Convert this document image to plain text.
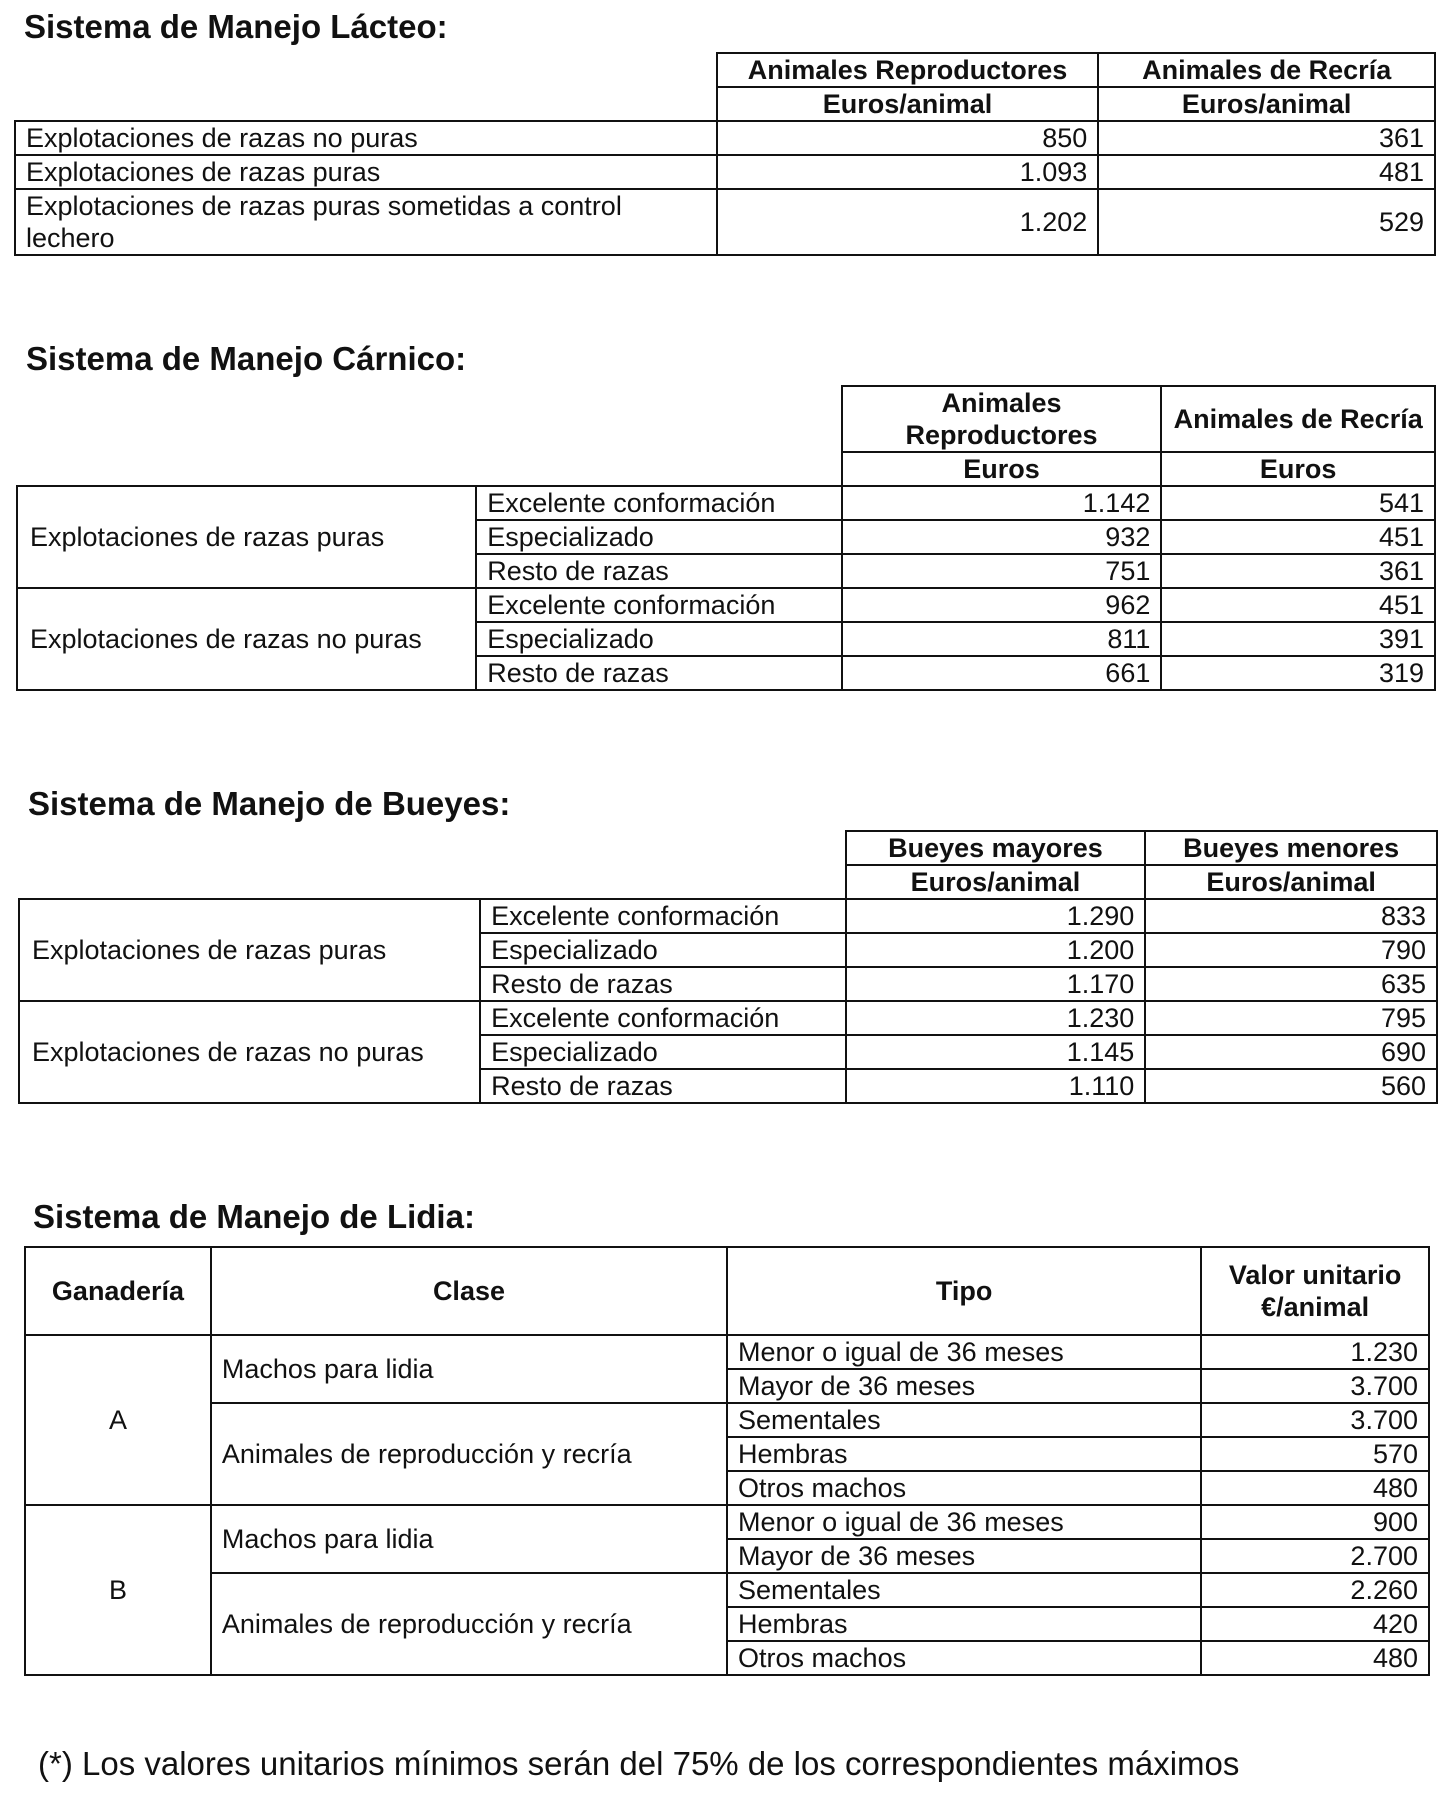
Sistema de Manejo Lácteo:
	Animales Reproductores	Animales de Recría
	Euros/animal	Euros/animal
Explotaciones de razas no puras	850	361
Explotaciones de razas puras	1.093	481
Explotaciones de razas puras sometidas a control lechero	1.202	529
Sistema de Manejo Cárnico:
		Animales Reproductores	Animales de Recría
		Euros	Euros
Explotaciones de razas puras	Excelente conformación	1.142	541
	Especializado	932	451
	Resto de razas	751	361
Explotaciones de razas no puras	Excelente conformación	962	451
	Especializado	811	391
	Resto de razas	661	319
Sistema de Manejo de Bueyes:
		Bueyes mayores	Bueyes menores
		Euros/animal	Euros/animal
Explotaciones de razas puras	Excelente conformación	1.290	833
	Especializado	1.200	790
	Resto de razas	1.170	635
Explotaciones de razas no puras	Excelente conformación	1.230	795
	Especializado	1.145	690
	Resto de razas	1.110	560
Sistema de Manejo de Lidia:
Ganadería	Clase	Tipo	Valor unitario €/animal
A	Machos para lidia	Menor o igual de 36 meses	1.230
		Mayor de 36 meses	3.700
	Animales de reproducción y recría	Sementales	3.700
		Hembras	570
		Otros machos	480
B	Machos para lidia	Menor o igual de 36 meses	900
		Mayor de 36 meses	2.700
	Animales de reproducción y recría	Sementales	2.260
		Hembras	420
		Otros machos	480
(*) Los valores unitarios mínimos serán del 75% de los correspondientes máximos
